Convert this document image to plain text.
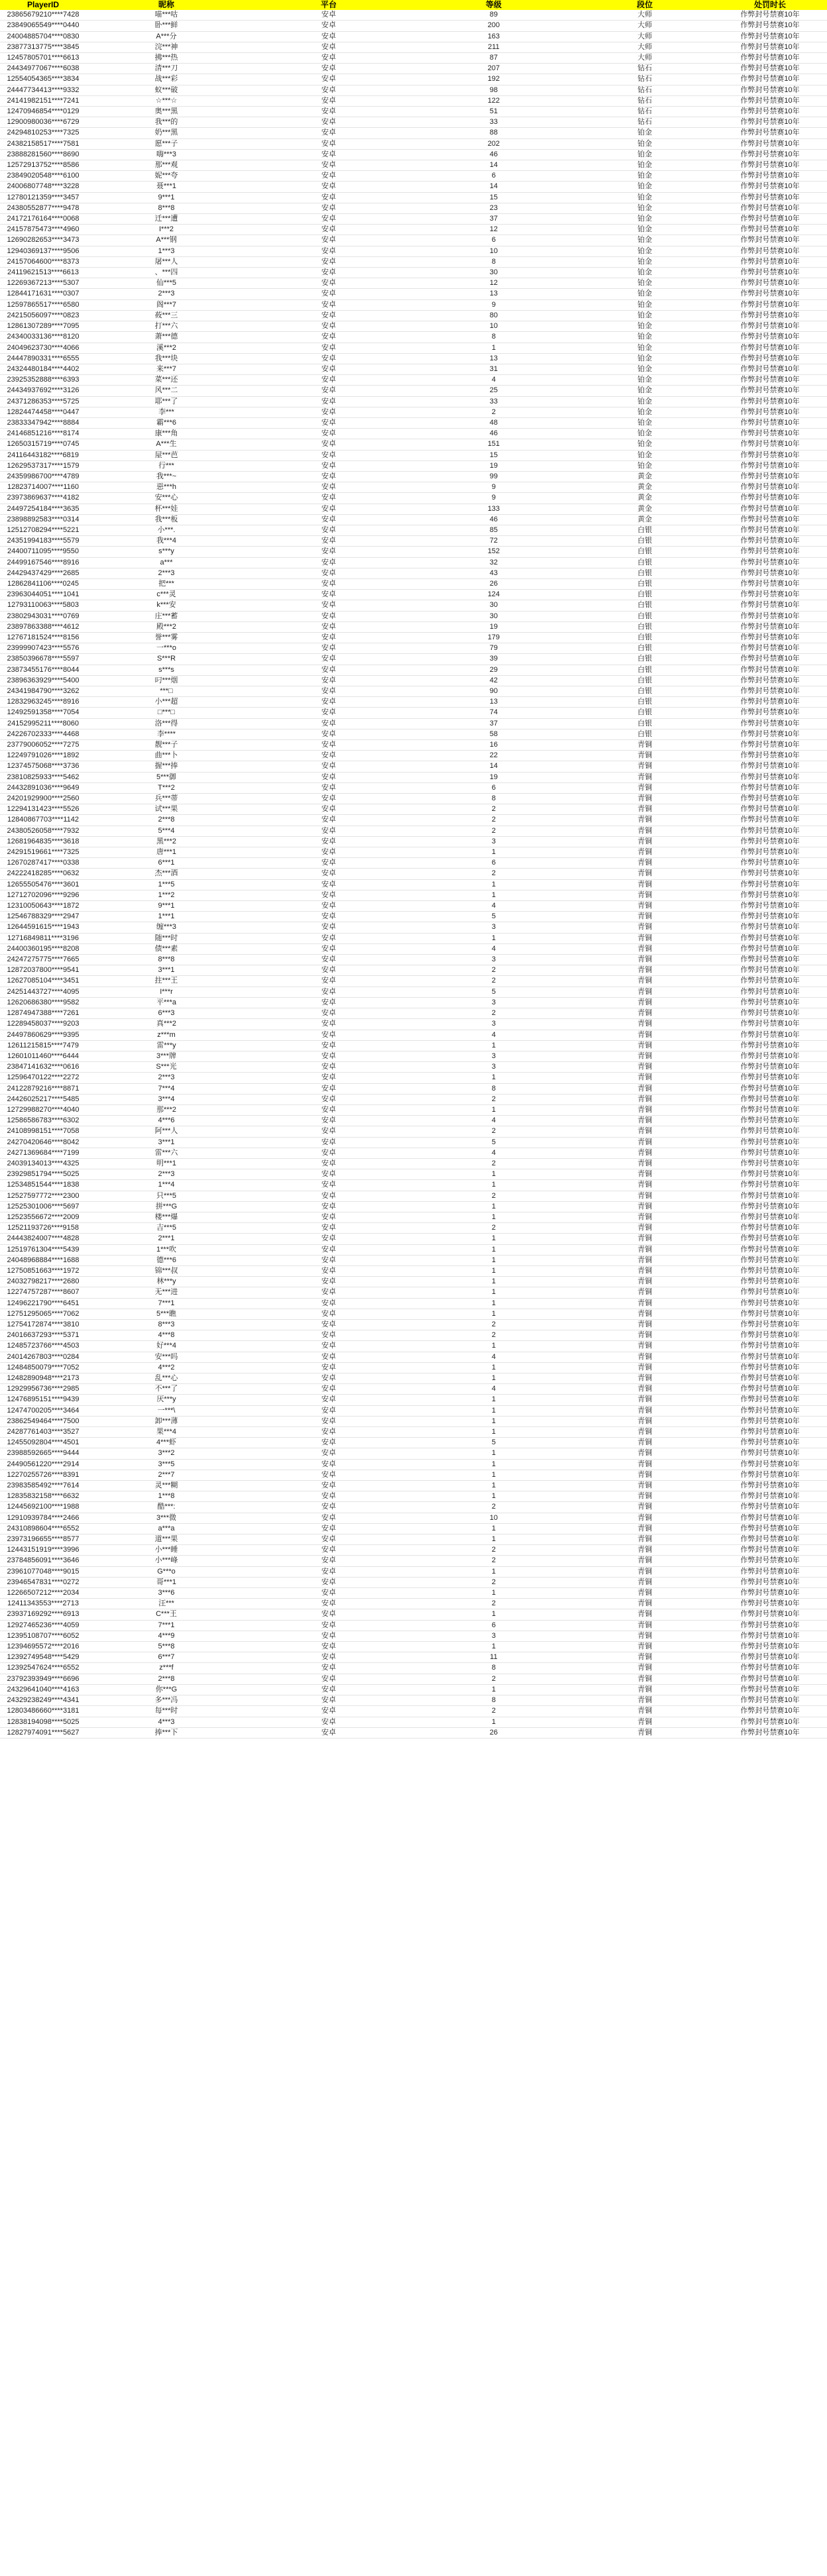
PlayerID	昵称	平台	等级	段位	处罚时长
23865679210****7428	喵***咕	安卓	89	大师	作弊封号禁赛10年
23849065549****0440	卧***鲜	安卓	200	大师	作弊封号禁赛10年
24004885704****0830	A***分	安卓	163	大师	作弊封号禁赛10年
23877313775****3845	浣***神	安卓	211	大师	作弊封号禁赛10年
12457805701****6613	拂***热	安卓	87	大师	作弊封号禁赛10年
24434977067****6038	清***刀	安卓	207	钻石	作弊封号禁赛10年
12554054365****3834	战***彩	安卓	192	钻石	作弊封号禁赛10年
24447734413****9332	蚁***破	安卓	98	钻石	作弊封号禁赛10年
24141982151****7241	☆***☆	安卓	122	钻石	作弊封号禁赛10年
12470946854****0129	奥***黑	安卓	51	钻石	作弊封号禁赛10年
12900980036****6729	我***的	安卓	33	钻石	作弊封号禁赛10年
24294810253****7325	奶***黑	安卓	88	铂金	作弊封号禁赛10年
24382158517****7581	愿***子	安卓	202	铂金	作弊封号禁赛10年
23888281560****8690	嗨***3	安卓	46	铂金	作弊封号禁赛10年
12572913752****8586	那***观	安卓	14	铂金	作弊封号禁赛10年
23849020548****6100	妮***夸	安卓	6	铂金	作弊封号禁赛10年
24006807748****3228	聂***1	安卓	14	铂金	作弊封号禁赛10年
12780121359****3457	9***1	安卓	15	铂金	作弊封号禁赛10年
24380552877****9478	8***8	安卓	23	铂金	作弊封号禁赛10年
24172176164****0068	迁***遭	安卓	37	铂金	作弊封号禁赛10年
24157875473****4960	I***2	安卓	12	铂金	作弊封号禁赛10年
12690282653****3473	A***钢	安卓	6	铂金	作弊封号禁赛10年
12940369137****9506	1***3	安卓	10	铂金	作弊封号禁赛10年
24157064600****8373	屠***人	安卓	8	铂金	作弊封号禁赛10年
24119621513****6613	、***四	安卓	30	铂金	作弊封号禁赛10年
12269367213****5307	仙***5	安卓	12	铂金	作弊封号禁赛10年
12844171631****0307	2***3	安卓	13	铂金	作弊封号禁赛10年
12597865517****6580	阁***7	安卓	9	铂金	作弊封号禁赛10年
24215056097****0823	莜***三	安卓	80	铂金	作弊封号禁赛10年
12861307289****7095	打***六	安卓	10	铂金	作弊封号禁赛10年
24340033136****8120	萧***德	安卓	8	铂金	作弊封号禁赛10年
24049623730****4066	溪***2	安卓	1	铂金	作弊封号禁赛10年
24447890331****6555	我***块	安卓	13	铂金	作弊封号禁赛10年
24324480184****4402	来***7	安卓	31	铂金	作弊封号禁赛10年
23925352888****6393	菜***还	安卓	4	铂金	作弊封号禁赛10年
24434937692****3126	风***二	安卓	25	铂金	作弊封号禁赛10年
24371286353****5725	耶***了	安卓	33	铂金	作弊封号禁赛10年
12824474458****0447	李***	安卓	2	铂金	作弊封号禁赛10年
23833347942****8884	霸***6	安卓	48	铂金	作弊封号禁赛10年
24146851216****8174	康***角	安卓	46	铂金	作弊封号禁赛10年
12650315719****0745	A***生	安卓	151	铂金	作弊封号禁赛10年
24116443182****6819	屋***芭	安卓	15	铂金	作弊封号禁赛10年
12629537317****1579	行***	安卓	19	铂金	作弊封号禁赛10年
24359986700****4789	我***~	安卓	99	黄金	作弊封号禁赛10年
12823714007****1160	惡***h	安卓	9	黄金	作弊封号禁赛10年
23973869637****4182	安***心	安卓	9	黄金	作弊封号禁赛10年
24497254184****3635	杯***娃	安卓	133	黄金	作弊封号禁赛10年
23898892583****0314	我***板	安卓	46	黄金	作弊封号禁赛10年
12512708294****5221	小***.	安卓	85	白银	作弊封号禁赛10年
24351994183****5579	我***4	安卓	72	白银	作弊封号禁赛10年
24400711095****9550	s***y	安卓	152	白银	作弊封号禁赛10年
24499167546****8916	a***	安卓	32	白银	作弊封号禁赛10年
24429437429****2685	2***3	安卓	43	白银	作弊封号禁赛10年
12862841106****0245	把***	安卓	26	白银	作弊封号禁赛10年
23963044051****1041	c***灵	安卓	124	白银	作弊封号禁赛10年
12793110063****5803	k***安	安卓	30	白银	作弊封号禁赛10年
23802943031****0769	庄***蓄	安卓	30	白银	作弊封号禁赛10年
23897863388****4612	殿***2	安卓	19	白银	作弊封号禁赛10年
12767181524****8156	誉***雾	安卓	179	白银	作弊封号禁赛10年
23999907423****5576	一***o	安卓	79	白银	作弊封号禁赛10年
23850396678****5597	S***R	安卓	39	白银	作弊封号禁赛10年
23873455176****8044	s***s	安卓	29	白银	作弊封号禁赛10年
23896363929****5400	叼***烟	安卓	42	白银	作弊封号禁赛10年
24341984790****3262	***□	安卓	90	白银	作弊封号禁赛10年
12832963245****8916	小***超	安卓	13	白银	作弊封号禁赛10年
12492591358****7054	□***□	安卓	74	白银	作弊封号禁赛10年
24152995211****8060	洛***得	安卓	37	白银	作弊封号禁赛10年
24226702333****4468	李****	安卓	58	白银	作弊封号禁赛10年
23779006052****7275	靓***子	安卓	16	青铜	作弊封号禁赛10年
12249791026****1892	曲***卜	安卓	22	青铜	作弊封号禁赛10年
12374575068****3736	握***捧	安卓	14	青铜	作弊封号禁赛10年
23810825933****5462	5***御	安卓	19	青铜	作弊封号禁赛10年
24432891036****9649	T***2	安卓	6	青铜	作弊封号禁赛10年
24201929900****2560	兵***蒂	安卓	8	青铜	作弊封号禁赛10年
12294131423****5526	试***果	安卓	2	青铜	作弊封号禁赛10年
12840867703****1142	2***8	安卓	2	青铜	作弊封号禁赛10年
24380526058****7932	5***4	安卓	2	青铜	作弊封号禁赛10年
12681964835****3618	黑***2	安卓	3	青铜	作弊封号禁赛10年
24291519661****7325	唐***1	安卓	1	青铜	作弊封号禁赛10年
12670287417****0338	6***1	安卓	6	青铜	作弊封号禁赛10年
24222418285****0632	杰***酒	安卓	2	青铜	作弊封号禁赛10年
12655505476****3601	1***5	安卓	1	青铜	作弊封号禁赛10年
12712702096****9296	1***2	安卓	1	青铜	作弊封号禁赛10年
12310050643****1872	9***1	安卓	4	青铜	作弊封号禁赛10年
12546788329****2947	1***1	安卓	5	青铜	作弊封号禁赛10年
12644591615****1943	缠***3	安卓	3	青铜	作弊封号禁赛10年
12716849811****3196	随***时	安卓	1	青铜	作弊封号禁赛10年
24400360195****8208	债***素	安卓	4	青铜	作弊封号禁赛10年
24247275775****7665	8***8	安卓	3	青铜	作弊封号禁赛10年
12872037800****9541	3***1	安卓	2	青铜	作弊封号禁赛10年
12627085104****3451	拄***王	安卓	2	青铜	作弊封号禁赛10年
24251443727****4095	I***r	安卓	5	青铜	作弊封号禁赛10年
12620686380****9582	平***a	安卓	3	青铜	作弊封号禁赛10年
12874947388****7261	6***3	安卓	2	青铜	作弊封号禁赛10年
12289458037****9203	真***2	安卓	3	青铜	作弊封号禁赛10年
24497860629****9395	z***m	安卓	4	青铜	作弊封号禁赛10年
12611215815****7479	雷***y	安卓	1	青铜	作弊封号禁赛10年
12601011460****6444	3***牌	安卓	3	青铜	作弊封号禁赛10年
23847141632****0616	S***光	安卓	3	青铜	作弊封号禁赛10年
12596470122****2272	2***3	安卓	1	青铜	作弊封号禁赛10年
24122879216****8871	7***4	安卓	8	青铜	作弊封号禁赛10年
24426025217****5485	3***4	安卓	2	青铜	作弊封号禁赛10年
12729988270****4040	那***2	安卓	1	青铜	作弊封号禁赛10年
12586586783****6302	4***6	安卓	4	青铜	作弊封号禁赛10年
24108998151****7058	阿***人	安卓	2	青铜	作弊封号禁赛10年
24270420646****8042	3***1	安卓	5	青铜	作弊封号禁赛10年
24271369684****7199	雷***六	安卓	4	青铜	作弊封号禁赛10年
24039134013****4325	明***1	安卓	2	青铜	作弊封号禁赛10年
23929851794****5025	2***3	安卓	1	青铜	作弊封号禁赛10年
12534851544****1838	1***4	安卓	1	青铜	作弊封号禁赛10年
12527597772****2300	只***5	安卓	2	青铜	作弊封号禁赛10年
12525301006****5697	拼***G	安卓	1	青铜	作弊封号禁赛10年
12523556672****2009	楼***爆	安卓	1	青铜	作弊封号禁赛10年
12521193726****9158	吉***5	安卓	2	青铜	作弊封号禁赛10年
24443824007****4828	2***1	安卓	1	青铜	作弊封号禁赛10年
12519761304****5439	1***吹	安卓	1	青铜	作弊封号禁赛10年
24048968884****1688	德***6	安卓	1	青铜	作弊封号禁赛10年
12750851663****1972	锦***叔	安卓	1	青铜	作弊封号禁赛10年
24032798217****2680	林***y	安卓	1	青铜	作弊封号禁赛10年
12274757287****8607	无***进	安卓	1	青铜	作弊封号禁赛10年
12496221790****6451	7***1	安卓	1	青铜	作弊封号禁赛10年
12751295065****7062	5***瞧	安卓	1	青铜	作弊封号禁赛10年
12754172874****3810	8***3	安卓	2	青铜	作弊封号禁赛10年
24016637293****5371	4***8	安卓	2	青铜	作弊封号禁赛10年
12485723766****4503	好***4	安卓	1	青铜	作弊封号禁赛10年
24014267803****0284	安***吗	安卓	4	青铜	作弊封号禁赛10年
12484850079****7052	4***2	安卓	1	青铜	作弊封号禁赛10年
12482890948****2173	乱***心	安卓	1	青铜	作弊封号禁赛10年
12929956736****2985	不***了	安卓	4	青铜	作弊封号禁赛10年
12476895151****9439	厌***y	安卓	1	青铜	作弊封号禁赛10年
12474700205****3464	一***\	安卓	1	青铜	作弊封号禁赛10年
23862549464****7500	卸***薄	安卓	1	青铜	作弊封号禁赛10年
24287761403****3527	果***4	安卓	1	青铜	作弊封号禁赛10年
12455092804****4501	4***虾	安卓	5	青铜	作弊封号禁赛10年
23988592665****9444	3***2	安卓	1	青铜	作弊封号禁赛10年
24490561220****2914	3***5	安卓	1	青铜	作弊封号禁赛10年
12270255726****8391	2***7	安卓	1	青铜	作弊封号禁赛10年
23983585492****7614	灵***糊	安卓	1	青铜	作弊封号禁赛10年
12835832158****6632	1***8	安卓	1	青铜	作弊封号禁赛10年
12445692100****1988	酷***:	安卓	2	青铜	作弊封号禁赛10年
12910939784****2466	3***微	安卓	10	青铜	作弊封号禁赛10年
24310898604****6552	a***a	安卓	1	青铜	作弊封号禁赛10年
23973196655****8577	道***果	安卓	1	青铜	作弊封号禁赛10年
12443151919****3996	小***睡	安卓	2	青铜	作弊封号禁赛10年
23784856091****3646	小***峰	安卓	2	青铜	作弊封号禁赛10年
23961077048****9015	G***o	安卓	1	青铜	作弊封号禁赛10年
23946547831****0272	哥***1	安卓	2	青铜	作弊封号禁赛10年
12266507212****2034	3***6	安卓	1	青铜	作弊封号禁赛10年
12411343553****2713	汪***	安卓	2	青铜	作弊封号禁赛10年
23937169292****6913	C***王	安卓	1	青铜	作弊封号禁赛10年
12927465236****4059	7***1	安卓	6	青铜	作弊封号禁赛10年
12395108707****6052	4***9	安卓	3	青铜	作弊封号禁赛10年
12394695572****2016	5***8	安卓	1	青铜	作弊封号禁赛10年
12392749548****5429	6***7	安卓	11	青铜	作弊封号禁赛10年
12392547624****6552	z***f	安卓	8	青铜	作弊封号禁赛10年
23792393949****6696	2***8	安卓	2	青铜	作弊封号禁赛10年
24329641040****4163	你***G	安卓	1	青铜	作弊封号禁赛10年
24329238249****4341	多***冯	安卓	8	青铜	作弊封号禁赛10年
12803486660****3181	每***时	安卓	2	青铜	作弊封号禁赛10年
12838194098****5025	4***3	安卓	1	青铜	作弊封号禁赛10年
12827974091****5627	捧***下	安卓	26	青铜	作弊封号禁赛10年
